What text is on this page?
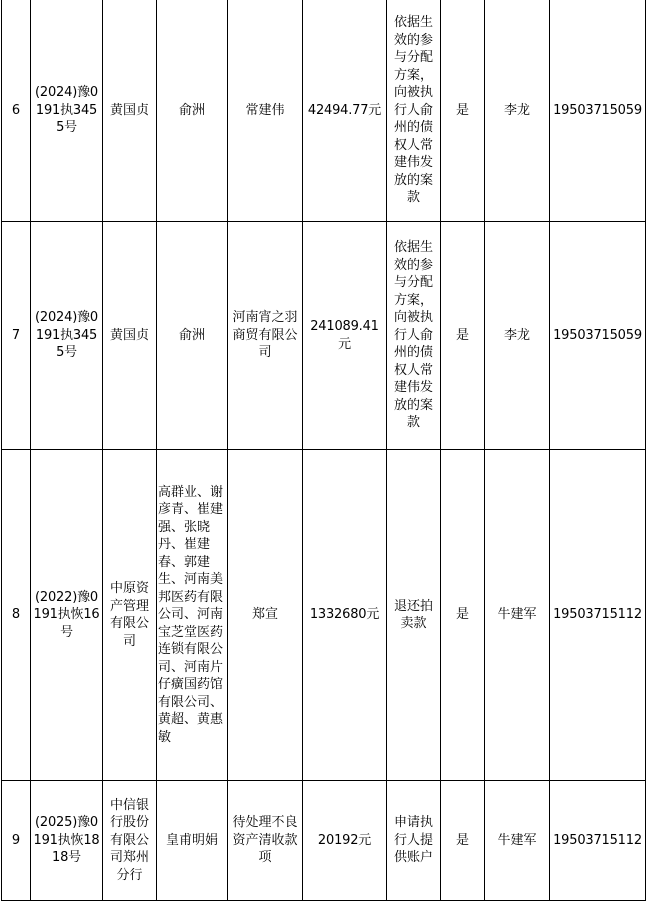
6	(2024)豫0191执3455号	黄国贞	俞洲	常建伟	42494.77元	依据生效的参与分配方案，向被执行人俞州的债权人常建伟发放的案款	是	李龙	19503715059
7	(2024)豫0191执3455号	黄国贞	俞洲	河南宵之羽商贸有限公司	241089.41元	依据生效的参与分配方案，向被执行人俞州的债权人常建伟发放的案款	是	李龙	19503715059
8	(2022)豫0191执恢16号	中原资产管理有限公司	高群业、谢彦青、崔建强、张晓丹、崔建春、郭建生、河南美邦医药有限公司、河南宝芝堂医药连锁有限公司、河南片仔癀国药馆有限公司、黄超、黄惠敏	郑宣	1332680元	退还拍卖款	是	牛建军	19503715112
9	(2025)豫0191执恢1818号	中信银行股份有限公司郑州分行	皇甫明娟	待处理不良资产清收款项	20192元	申请执行人提供账户	是	牛建军	19503715112
